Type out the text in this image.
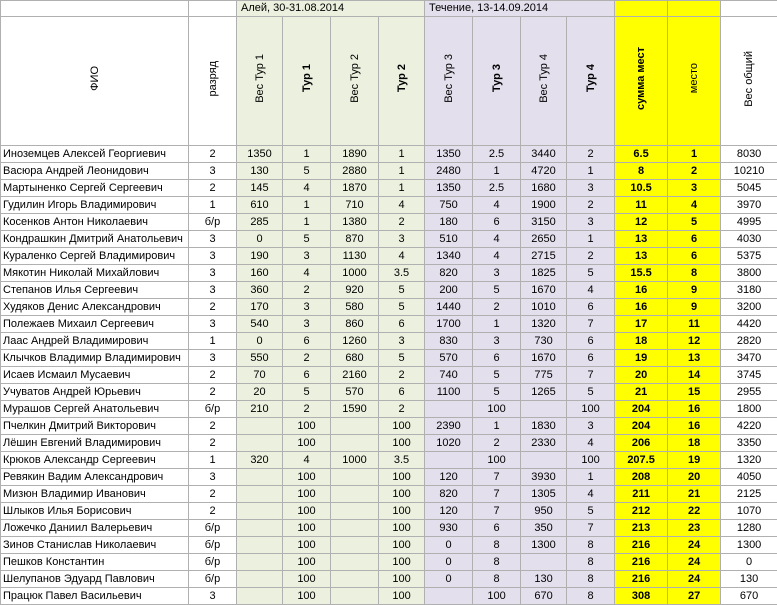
		Алей, 30-31.08.2014				Течение, 13-14.09.2014						
ФИО	разряд	Вес Тур 1	Тур 1	Вес Тур 2	Тур 2	Вес Тур 3	Тур 3	Вес Тур 4	Тур 4	сумма мест	место	Вес общий
Иноземцев Алексей Георгиевич	2	1350	1	1890	1	1350	2.5	3440	2	6.5	1	8030
Васюра Андрей Леонидович	3	130	5	2880	1	2480	1	4720	1	8	2	10210
Мартыненко Сергей Сергеевич	2	145	4	1870	1	1350	2.5	1680	3	10.5	3	5045
Гудилин Игорь Владимирович	1	610	1	710	4	750	4	1900	2	11	4	3970
Косенков Антон Николаевич	б/р	285	1	1380	2	180	6	3150	3	12	5	4995
Кондрашкин Дмитрий Анатольевич	3	0	5	870	3	510	4	2650	1	13	6	4030
Кураленко Сергей Владимирович	3	190	3	1130	4	1340	4	2715	2	13	6	5375
Мякотин Николай Михайлович	3	160	4	1000	3.5	820	3	1825	5	15.5	8	3800
Степанов Илья Сергеевич	3	360	2	920	5	200	5	1670	4	16	9	3180
Худяков Денис Александрович	2	170	3	580	5	1440	2	1010	6	16	9	3200
Полежаев Михаил Сергеевич	3	540	3	860	6	1700	1	1320	7	17	11	4420
Лаас Андрей Владимирович	1	0	6	1260	3	830	3	730	6	18	12	2820
Клычков Владимир Владимирович	3	550	2	680	5	570	6	1670	6	19	13	3470
Исаев Исмаил Мусаевич	2	70	6	2160	2	740	5	775	7	20	14	3745
Учуватов Андрей Юрьевич	2	20	5	570	6	1100	5	1265	5	21	15	2955
Мурашов Сергей Анатольевич	б/р	210	2	1590	2		100		100	204	16	1800
Пчелкин Дмитрий Викторович	2		100		100	2390	1	1830	3	204	16	4220
Лёшин Евгений Владимирович	2		100		100	1020	2	2330	4	206	18	3350
Крюков Александр Сергеевич	1	320	4	1000	3.5		100		100	207.5	19	1320
Ревякин Вадим Александрович	3		100		100	120	7	3930	1	208	20	4050
Мизюн Владимир Иванович	2		100		100	820	7	1305	4	211	21	2125
Шлыков Илья Борисович	2		100		100	120	7	950	5	212	22	1070
Ложечко Даниил Валерьевич	б/р		100		100	930	6	350	7	213	23	1280
Зинов Станислав Николаевич	б/р		100		100	0	8	1300	8	216	24	1300
Пешков Константин	б/р		100		100	0	8		8	216	24	0
Шелупанов Эдуард Павлович	б/р		100		100	0	8	130	8	216	24	130
Працюк Павел Васильевич	3		100		100		100	670	8	308	27	670
